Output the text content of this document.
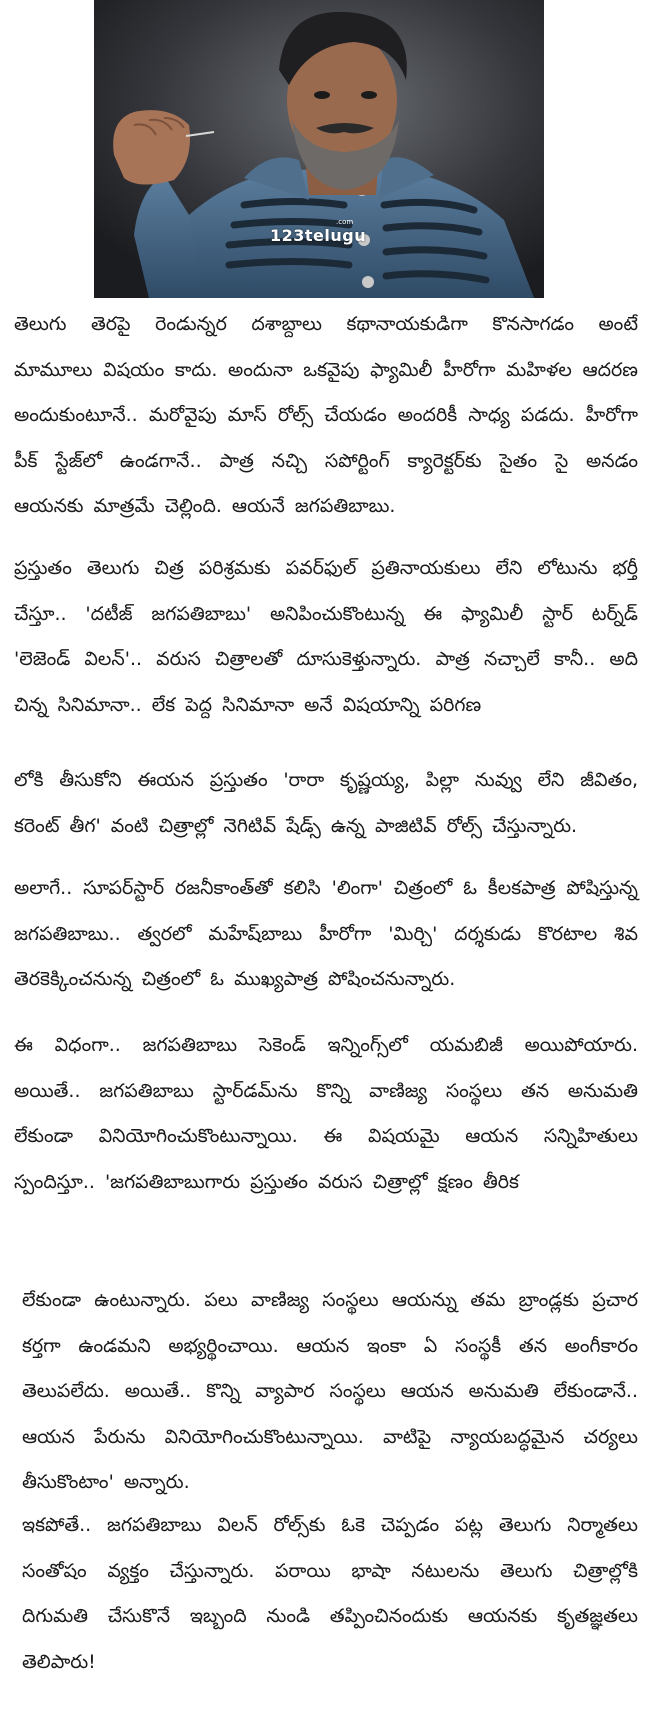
.com
123telugu

తెలుగు తెరపై రెండున్నర దశాబ్దాలు కథానాయకుడిగా కొనసాగడం అంటే మామూలు విషయం కాదు. అందునా ఒకవైపు ఫ్యామిలీ హీరోగా మహిళల ఆదరణ అందుకుంటూనే.. మరోవైపు మాస్ రోల్స్ చేయడం అందరికీ సాధ్య పడదు. హీరోగా పీక్ స్టేజ్‌లో ఉండగానే.. పాత్ర నచ్చి సపోర్టింగ్ క్యారెక్టర్‌కు సైతం సై అనడం ఆయనకు మాత్రమే చెల్లింది. ఆయనే జగపతిబాబు.

ప్రస్తుతం తెలుగు చిత్ర పరిశ్రమకు పవర్‌ఫుల్ ప్రతినాయకులు లేని లోటును భర్తీ చేస్తూ.. 'దటీజ్ జగపతిబాబు' అనిపించుకొంటున్న ఈ ఫ్యామిలీ స్టార్ టర్న్‌డ్ 'లెజెండ్ విలన్'.. వరుస చిత్రాలతో దూసుకెళ్తున్నారు. పాత్ర నచ్చాలే కానీ.. అది చిన్న సినిమానా.. లేక పెద్ద సినిమానా అనే విషయాన్ని పరిగణ

లోకి తీసుకోని ఈయన ప్రస్తుతం 'రారా కృష్ణయ్య, పిల్లా నువ్వు లేని జీవితం, కరెంట్ తీగ' వంటి చిత్రాల్లో నెగిటివ్ షేడ్స్ ఉన్న పాజిటివ్ రోల్స్ చేస్తున్నారు.

అలాగే.. సూపర్‌స్టార్ రజనీకాంత్‌తో కలిసి 'లింగా' చిత్రంలో ఓ కీలకపాత్ర పోషిస్తున్న జగపతిబాబు.. త్వరలో మహేష్‌బాబు హీరోగా 'మిర్చి' దర్శకుడు కొరటాల శివ తెరకెక్కించనున్న చిత్రంలో ఓ ముఖ్యపాత్ర పోషించనున్నారు.

ఈ విధంగా.. జగపతిబాబు సెకెండ్ ఇన్నింగ్స్‌లో యమబిజీ అయిపోయారు. అయితే.. జగపతిబాబు స్టార్‌డమ్‌ను కొన్ని వాణిజ్య సంస్థలు తన అనుమతి లేకుండా వినియోగించుకొంటున్నాయి. ఈ విషయమై ఆయన సన్నిహితులు స్పందిస్తూ.. 'జగపతిబాబుగారు ప్రస్తుతం వరుస చిత్రాల్లో క్షణం తీరిక

లేకుండా ఉంటున్నారు. పలు వాణిజ్య సంస్థలు ఆయన్ను తమ బ్రాండ్లకు ప్రచార కర్తగా ఉండమని అభ్యర్థించాయి. ఆయన ఇంకా ఏ సంస్థకీ తన అంగీకారం తెలుపలేదు. అయితే.. కొన్ని వ్యాపార సంస్థలు ఆయన అనుమతి లేకుండానే.. ఆయన పేరును వినియోగించుకొంటున్నాయి. వాటిపై న్యాయబద్ధమైన చర్యలు తీసుకొంటాం' అన్నారు.

ఇకపోతే.. జగపతిబాబు విలన్ రోల్స్‌కు ఓకె చెప్పడం పట్ల తెలుగు నిర్మాతలు సంతోషం వ్యక్తం చేస్తున్నారు. పరాయి భాషా నటులను తెలుగు చిత్రాల్లోకి దిగుమతి చేసుకొనే ఇబ్బంది నుండి తప్పించినందుకు ఆయనకు కృతజ్ఞతలు తెలిపారు!
